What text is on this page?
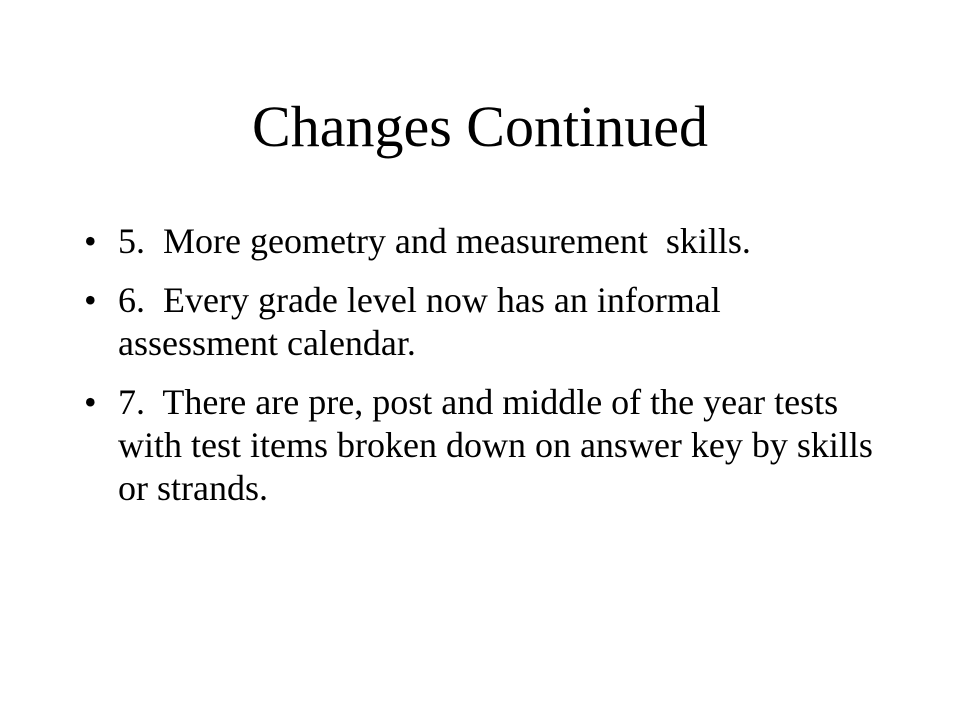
Changes Continued
• 5.  More geometry and measurement  skills.
• 6.  Every grade level now has an informal assessment calendar.
• 7.  There are pre, post and middle of the year tests with test items broken down on answer key by skills or strands.
